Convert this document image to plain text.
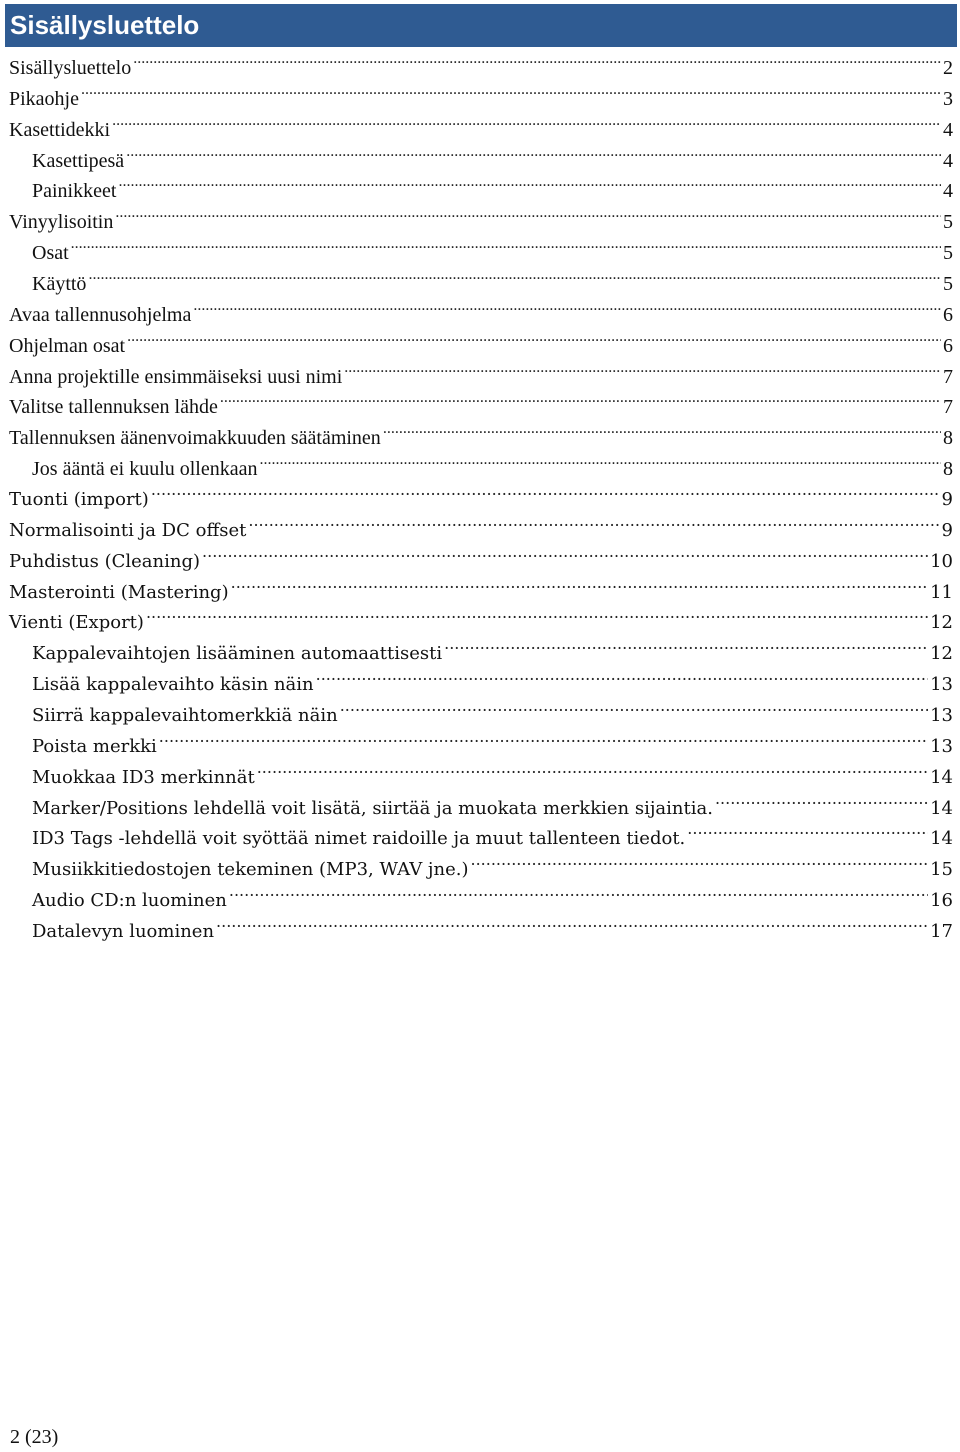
Sisällysluettelo
Sisällysluettelo .....	2
Pikaohje .....	3
Kasettidekki .....	4
Kasettipesä .....	4
Painikkeet .....	4
Vinyylisoitin .....	5
Osat .....	5
Käyttö .....	5
Avaa tallennusohjelma .....	6
Ohjelman osat .....	6
Anna projektille ensimmäiseksi uusi nimi .....	7
Valitse tallennuksen lähde .....	7
Tallennuksen äänenvoimakkuuden säätäminen .....	8
Jos ääntä ei kuulu ollenkaan .....	8
Tuonti (import) .....	9
Normalisointi ja DC offset .....	9
Puhdistus (Cleaning) .....	10
Masterointi (Mastering) .....	11
Vienti (Export) .....	12
Kappalevaihtojen lisääminen automaattisesti .....	12
Lisää kappalevaihto käsin näin .....	13
Siirrä kappalevaihtomerkkiä näin .....	13
Poista merkki .....	13
Muokkaa ID3 merkinnät .....	14
Marker/Positions lehdellä voit lisätä, siirtää ja muokata merkkien sijaintia. .....	14
ID3 Tags -lehdellä voit syöttää nimet raidoille ja muut tallenteen tiedot. .....	14
Musiikkitiedostojen tekeminen (MP3, WAV jne.) .....	15
Audio CD:n luominen .....	16
Datalevyn luominen .....	17
2 (23)
